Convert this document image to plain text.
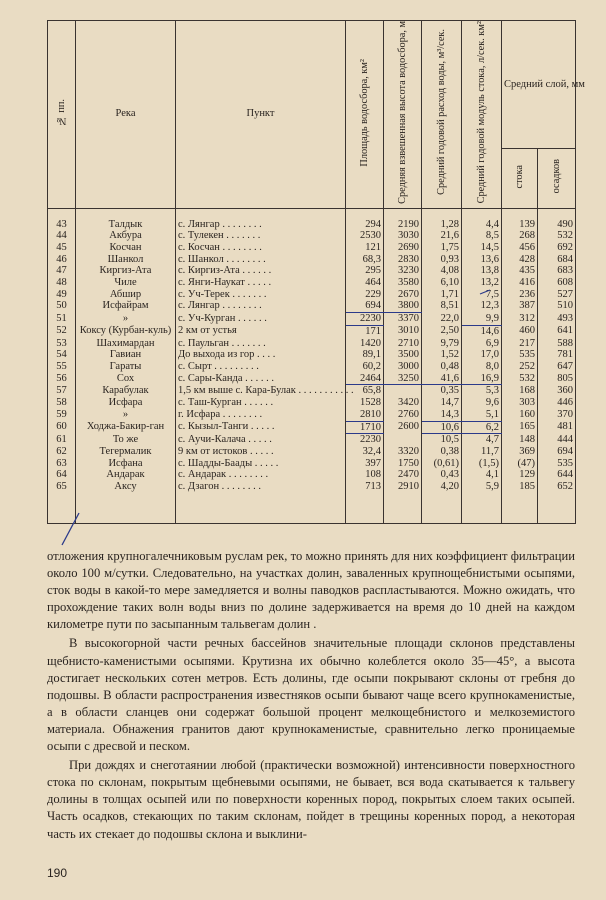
№ пп.	Река	Пункт	Площадь водосбора, км²	Средняя взвешенная высота водосбора, м	Средний годовой расход воды, м³/сек.	Средний годовой модуль стока, л/сек. км²	Средний слой, мм	
							стока	осадков
43	Талдык	с. Лянгар . . . . . . . .	294	2190	1,28	4,4	139	490
44	Акбура	с. Тулекен . . . . . . .	2530	3030	21,6	8,5	268	532
45	Косчан	с. Косчан . . . . . . . .	121	2690	1,75	14,5	456	692
46	Шанкол	с. Шанкол . . . . . . . .	68,3	2830	0,93	13,6	428	684
47	Киргиз-Ата	с. Киргиз-Ата . . . . . .	295	3230	4,08	13,8	435	683
48	Чиле	с. Янги-Наукат . . . . .	464	3580	6,10	13,2	416	608
49	Абшир	с. Уч-Терек . . . . . . .	229	2670	1,71	7,5	236	527
50	Исфайрам	с. Лянгар . . . . . . . .	694	3800	8,51	12,3	387	510
51	»	с. Уч-Курган . . . . . .	2230	3370	22,0	9,9	312	493
52	Коксу (Курбан-куль)	2 км от устья	171	3010	2,50	14,6	460	641
53	Шахимардан	с. Паульган . . . . . . .	1420	2710	9,79	6,9	217	588
54	Гавиан	До выхода из гор . . . .	89,1	3500	1,52	17,0	535	781
55	Гараты	с. Сырт . . . . . . . . .	60,2	3000	0,48	8,0	252	647
56	Сох	с. Сары-Канда . . . . . .	2464	3250	41,6	16,9	532	805
57	Карабулак	1,5 км выше с. Кара-Булак . . . . . . . . . . .	65,8		0,35	5,3	168	360
58	Исфара	с. Таш-Курган . . . . . .	1528	3420	14,7	9,6	303	446
59	»	г. Исфара . . . . . . . .	2810	2760	14,3	5,1	160	370
60	Ходжа-Бакир-ган	с. Кызыл-Танги . . . . .	1710	2600	10,6	6,2	165	481
61	То же	с. Аучи-Калача . . . . .	2230		10,5	4,7	148	444
62	Тегермалик	9 км от истоков . . . . .	32,4	3320	0,38	11,7	369	694
63	Исфана	с. Шадды-Баады . . . . .	397	1750	(0,61)	(1,5)	(47)	535
64	Андарак	с. Андарак . . . . . . . .	108	2470	0,43	4,1	129	644
65	Аксу	с. Дзагон . . . . . . . .	713	2910	4,20	5,9	185	652

отложения крупногалечниковым руслам рек, то можно принять для них коэффициент фильтрации около 100 м/сутки. Следовательно, на участках долин, заваленных крупнощебнистыми осыпями, сток воды в какой-то мере замедляется и волны паводков распластываются. Можно ожидать, что прохождение таких волн воды вниз по долине задерживается на время до 10 дней на каждом километре пути по засыпанным тальвегам долин .

В высокогорной части речных бассейнов значительные площади склонов представлены щебнисто-каменистыми осыпями. Крутизна их обычно колеблется около 35—45°, а высота достигает нескольких сотен метров. Есть долины, где осыпи покрывают склоны от гребня до подошвы. В области распространения известняков осыпи бывают чаще всего крупнокаменистые, а в области сланцев они содержат большой процент мелкощебнистого и мелкоземистого материала. Обнажения гранитов дают крупнокаменистые, сравнительно легко проницаемые осыпи с дресвой и песком.

При дождях и снеготаянии любой (практически возможной) интенсивности поверхностного стока по склонам, покрытым щебневыми осыпями, не бывает, вся вода скатывается к тальвегу долины в толщах осыпей или по поверхности коренных пород, покрытых слоем таких осыпей. Часть осадков, стекающих по таким склонам, пойдет в трещины коренных пород, а некоторая часть их стекает до подошвы склона и выклини-

190
